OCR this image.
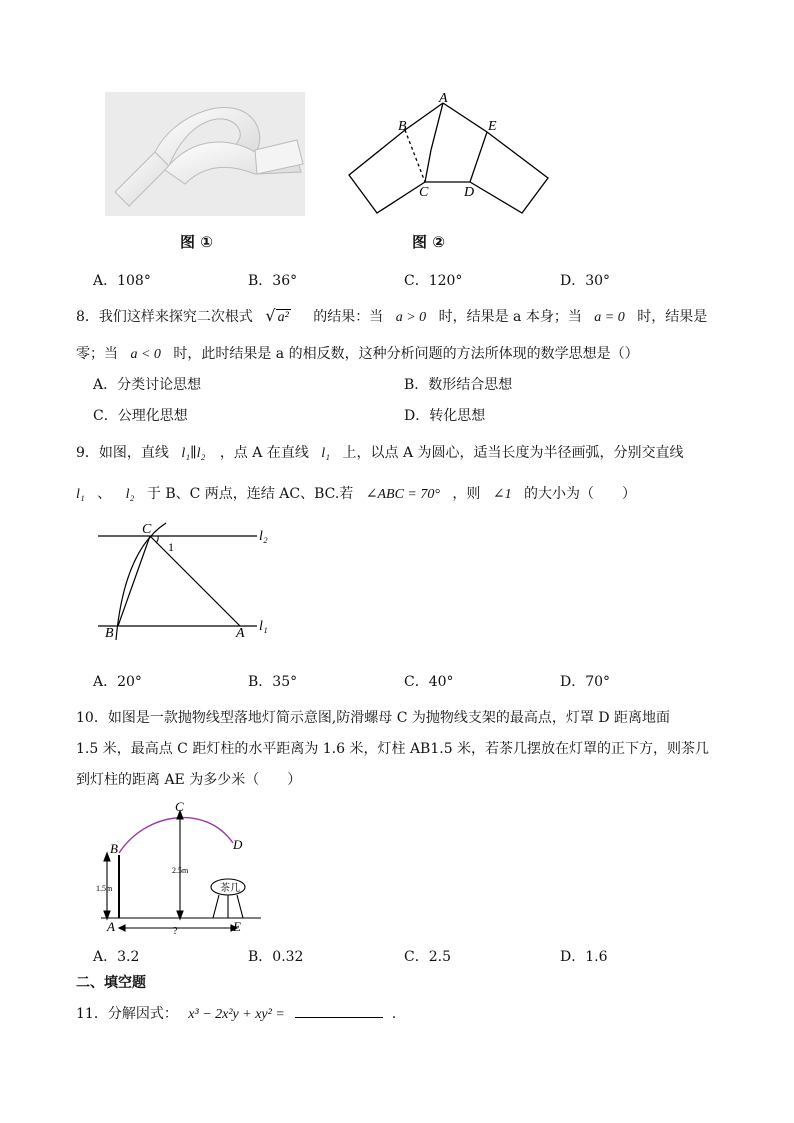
图 ①
A
B	E
C	D
图 ②
A．108°	B．36°	C．120°	D．30°
8．我们这样来探究二次根式 √ a² 的结果：当 a > 0 时，结果是 a 本身；当 a = 0 时，结果是
零；当 a < 0 时，此时结果是 a 的相反数，这种分析问题的方法所体现的数学思想是（）
A．分类讨论思想	B．数形结合思想
C．公理化思想	D．转化思想
9．如图，直线 l₁∥l₂ ，点 A 在直线 l₁ 上，以点 A 为圆心，适当长度为半径画弧，分别交直线
l₁ 、 l₂ 于 B、C 两点，连结 AC、BC.若 ∠ABC = 70° ，则 ∠1 的大小为（　　）
C
1
l₂
B	A l₁
A．20°	B．35°	C．40°	D．70°
10．如图是一款抛物线型落地灯简示意图,防滑螺母 C 为抛物线支架的最高点，灯罩 D 距离地面
1.5 米，最高点 C 距灯柱的水平距离为 1.6 米，灯柱 AB1.5 米，若茶几摆放在灯罩的正下方，则茶几
到灯柱的距离 AE 为多少米（　　）
C
B	D
1.5m
2.5m
茶几
A	?	E
A．3.2	B．0.32	C．2.5	D．1.6
二、填空题
11．分解因式： x³ − 2x²y + xy² =	.
